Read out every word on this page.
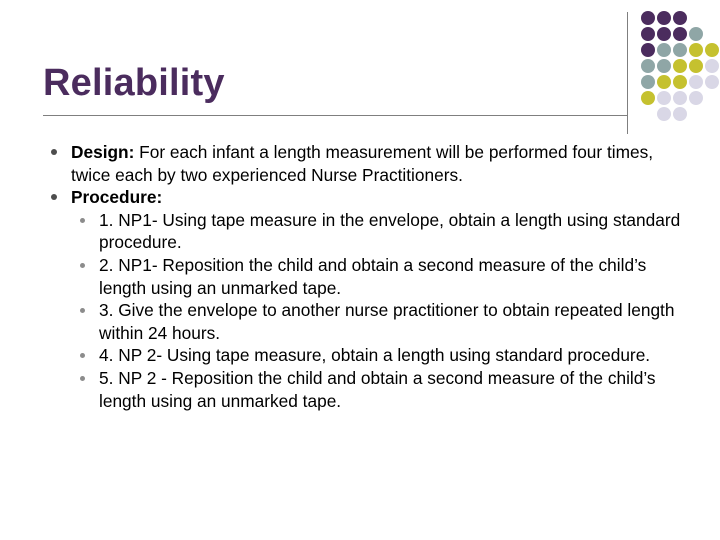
Reliability
Design: For each infant a length measurement will be performed four times, twice each by two experienced Nurse Practitioners.
Procedure:
1. NP1- Using tape measure in the envelope, obtain a length using standard procedure.
2. NP1- Reposition the child and obtain a second measure of the child’s length using an unmarked tape.
3. Give the envelope to another nurse practitioner to obtain repeated length within 24 hours.
4. NP 2- Using tape measure, obtain a length using standard procedure.
5. NP 2 - Reposition the child and obtain a second measure of the child’s length using an unmarked tape.
